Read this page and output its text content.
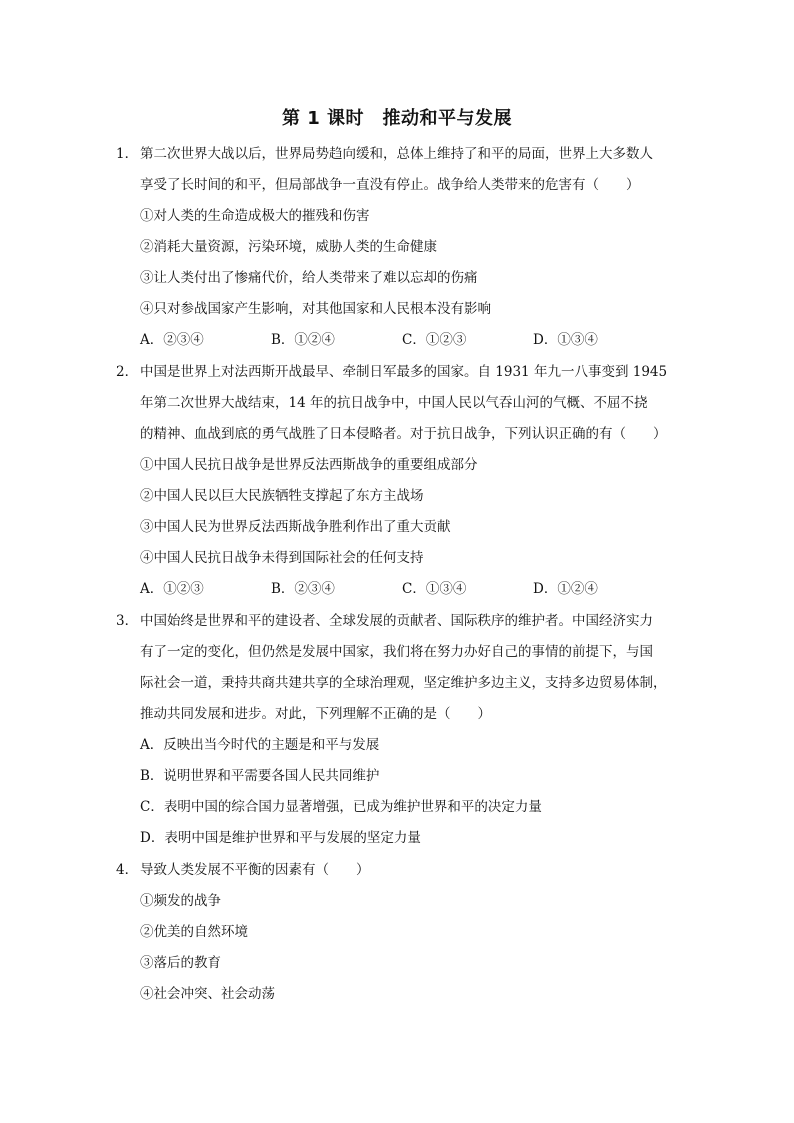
第 1 课时　推动和平与发展
1． 第二次世界大战以后，世界局势趋向缓和，总体上维持了和平的局面，世界上大多数人
享受了长时间的和平，但局部战争一直没有停止。战争给人类带来的危害有（　　）
①对人类的生命造成极大的摧残和伤害
②消耗大量资源，污染环境，威胁人类的生命健康
③让人类付出了惨痛代价，给人类带来了难以忘却的伤痛
④只对参战国家产生影响，对其他国家和人民根本没有影响
A．②③④	B．①②④	C．①②③	D．①③④
2． 中国是世界上对法西斯开战最早、牵制日军最多的国家。自 1931 年九一八事变到 1945
年第二次世界大战结束，14 年的抗日战争中，中国人民以气吞山河的气概、不屈不挠
的精神、血战到底的勇气战胜了日本侵略者。对于抗日战争，下列认识正确的有（　　）
①中国人民抗日战争是世界反法西斯战争的重要组成部分
②中国人民以巨大民族牺牲支撑起了东方主战场
③中国人民为世界反法西斯战争胜利作出了重大贡献
④中国人民抗日战争未得到国际社会的任何支持
A．①②③	B．②③④	C．①③④	D．①②④
3． 中国始终是世界和平的建设者、全球发展的贡献者、国际秩序的维护者。中国经济实力
有了一定的变化，但仍然是发展中国家，我们将在努力办好自己的事情的前提下，与国
际社会一道，秉持共商共建共享的全球治理观，坚定维护多边主义，支持多边贸易体制，
推动共同发展和进步。对此，下列理解不正确的是（　　）
A．反映出当今时代的主题是和平与发展
B．说明世界和平需要各国人民共同维护
C．表明中国的综合国力显著增强，已成为维护世界和平的决定力量
D．表明中国是维护世界和平与发展的坚定力量
4． 导致人类发展不平衡的因素有（　　）
①频发的战争
②优美的自然环境
③落后的教育
④社会冲突、社会动荡
